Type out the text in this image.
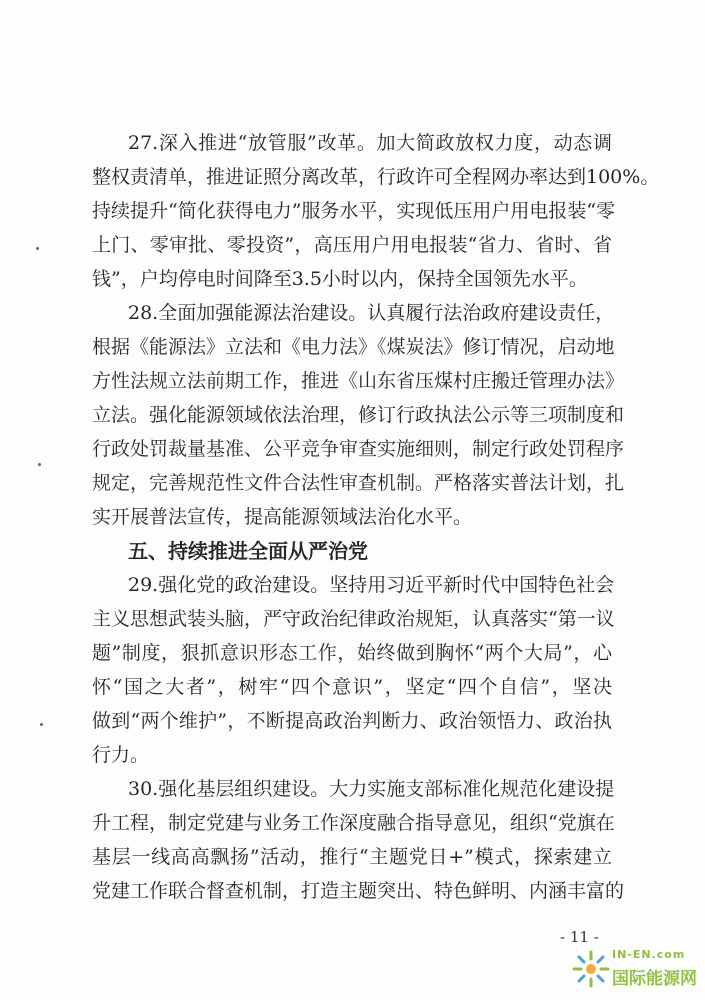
27.深入推进“放管服”改革。加大简政放权力度，动态调
整权责清单，推进证照分离改革，行政许可全程网办率达到100%。
持续提升“简化获得电力”服务水平，实现低压用户用电报装“零
上门、零审批、零投资”，高压用户用电报装“省力、省时、省
钱”，户均停电时间降至3.5小时以内，保持全国领先水平。
28.全面加强能源法治建设。认真履行法治政府建设责任，
根据《能源法》立法和《电力法》《煤炭法》修订情况，启动地
方性法规立法前期工作，推进《山东省压煤村庄搬迁管理办法》
立法。强化能源领域依法治理，修订行政执法公示等三项制度和
行政处罚裁量基准、公平竞争审查实施细则，制定行政处罚程序
规定，完善规范性文件合法性审查机制。严格落实普法计划，扎
实开展普法宣传，提高能源领域法治化水平。
五、持续推进全面从严治党
29.强化党的政治建设。坚持用习近平新时代中国特色社会
主义思想武装头脑，严守政治纪律政治规矩，认真落实“第一议
题”制度，狠抓意识形态工作，始终做到胸怀“两个大局”，心
怀“国之大者”，树牢“四个意识”，坚定“四个自信”，坚决
做到“两个维护”，不断提高政治判断力、政治领悟力、政治执
行力。
30.强化基层组织建设。大力实施支部标准化规范化建设提
升工程，制定党建与业务工作深度融合指导意见，组织“党旗在
基层一线高高飘扬”活动，推行“主题党日+”模式，探索建立
党建工作联合督查机制，打造主题突出、特色鲜明、内涵丰富的
- 11 -
IN-EN.com
国际能源网
